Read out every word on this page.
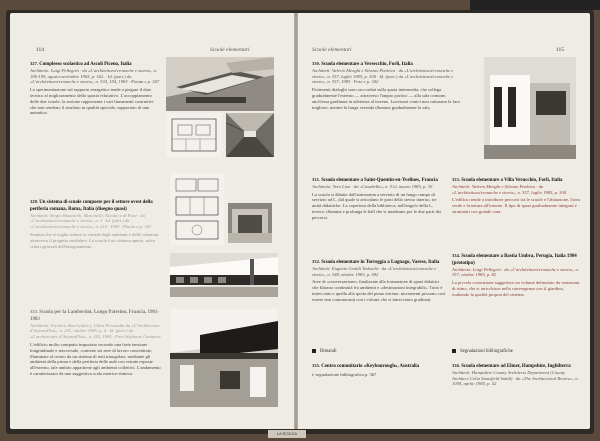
114	Scuole elementari
327. Complesso scolastico ad Ascoli Piceno, Italia
Architetto: Luigi Pellegrin · da «L'architettura/cronache e storia», n. 196-199, agosto-settembre 1965, p. 362. · Id. (part.) da «L'architettura/cronache e storia», n. 334, 194, 1985 · Pianta e p. 347
La sperimentazione sul rapporto energetico tende a piegare il dato tecnico al miglioramento dello spazio educativo. L'accoppiamento delle due scuole, la sezione rappresenta i vari lineamenti costruttivi che non rendono il risultato in qualità speciale, supportato di una autentica.
328. Un sistema di scuole composte per il settore ovest della periferia romana, Roma, Italia (disegno quasi)
Architetti: Sergio Bussarelli, Marcinelli, Nicolai e di Pace · da «L'architettura/cronache e storia», n. 1 · Id. (part.) da «L'architettura/cronache e storia», n. 214 · 1985 · Pianta a p. 347
Sembra che si voglia ridurre la varietà degli ambienti e delle relazioni attraverso il progetto modulare. La scuola è un sistema aperto, salvo criteri generali dell'insegnamento.
333. Scuola per la Lambertini, Longo Paterino, Francia, 1981-1983
Architetto: Frederic Borel (attiv.), Gilles Perraudin da «L'Architecture d'Aujourd'hui», n. 241, ottobre 1985, p. 4 · Id. (part.) da «L'architecture d'Aujourd'hui», n. 241, 1985 · Foto Stéphane Couturier
L'edificio molto compatto impostato secondo una forte tensione longitudinale e trasversale, contiene sei aree di lavoro concentrate, illuminate al centro da un sistema di tetti triangolari, mediante gli ambienti della prima e della periferia delle aule con vetrate esposte all'esterno, tale ambito appartiene agli ambienti collettivi. L'andamento è caratterizzato da una suggestiva scala metrico-ritmica.
Scuole elementari	115
330. Scuola elementare a Versecchio, Forlì, Italia
Architetti: Valerio Meoghi e Silvano Paolessi · da «L'architettura/cronache e storia», n. 357, luglio 1985, p. 304 · Id. (part.) da «L'architettura/cronache e storia», n. 357, 1985 · Foto e p. 342
Pavimenti dialoghi sono raccordati sulla quota intermedia, che collega gradualmente l'esterno — attraverso l'ampio portico — alla sala comune, anch'essa gradinata in aderenza al terreno. Lucernari conici non catturano la luce migliore, mentre la lunga veranda illumina gradualmente la sala.
331. Scuola elementare a Saint-Quentin-en-Yvelines, Francia
Architetto: Yves Lion · da «Casabella», n. 512, marzo 1985, p. 30
La scuola si dibatte dall'autonomia a servizio di un lungo campo di servizio ad L, dal quale si articolano le parti dello stesso interno, tre unità didattiche. La copertura della biblioteca, nell'angolo della L, invece, illumina e prolunga le hall che si innalzano per le due parti dei percorsi.
333. Scuola elementare a Villa Verucchio, Forlì, Italia
Architetti: Valerio Meoghi e Silvano Paolessi · da «L'architettura/cronache e storia», n. 357, luglio 1985, p. 304
L'edificio tende a introdurre percorsi tra le scuole e l'abitazione, l'area verde e la natura all'intorno. Il tipo di spazi gradualmente integrati e strutturati con grande cura.
332. Scuola elementare in Torreggia a Lugnago, Varese, Italia
Architetti: Eugenio Gentili Tedeschi · da «L'architettura/cronache e storia», n. 348, ottobre 1983, p. 582
Aree di «conversazione» finalizzate alla formazione di spazi didattici che filtrano continuità fra ambienti e «destinazioni integrabili». Tutto è intrecciato e quella alla quota del piano terreno: incrementi possono così essere non comunicanti con i volumi che si intrecciano gradinati.
334. Scuola elementare a Bastia Umbra, Perugia, Italia 1984 (prototipo)
Architetto: Luigi Pellegrin · da «L'architettura/cronache e storia», n. 357, ottobre 1985, p. 82
La piccola costruzione suggerisce un volume delimitato da variazioni di ritmo, che si arricchisce nella convergenza con il giardino, esaltando la qualità propria del sistema.
Rimandi	Segnalazioni bibliografiche
335. Centro comunitario «Keybourough», Australia
▹ segnalazione bibliografica p. 367
336. Scuola elementare ad Elmer, Hampshire, Inghilterra
Architetti: Hampshire County Architects Department (County Architect Colin Stansfield Smith) · da «The Architectural Review», n. 1058, aprile 1985, p. 42
LA ROCCA
